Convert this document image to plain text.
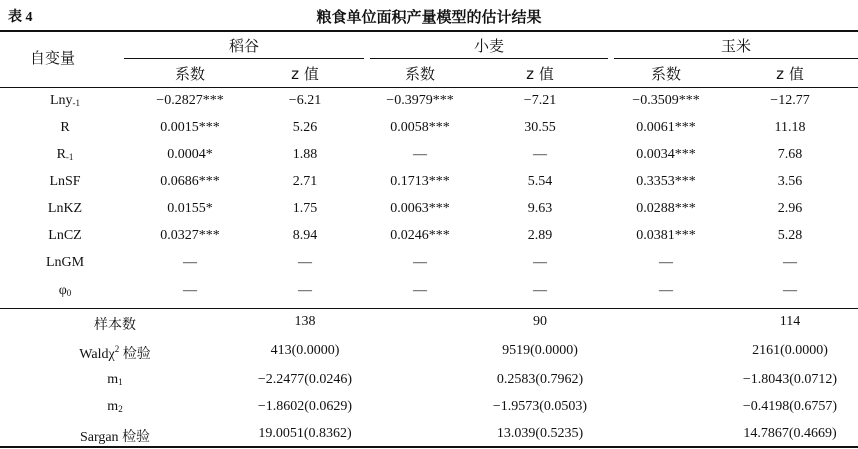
表 4	粮食单位面积产量模型的估计结果
自变量
稻谷	小麦	玉米
系数	z 值	系数	z 值	系数	z 值
Lny$_{-1}$	−0.2827***	−6.21	−0.3979***	−7.21	−0.3509***	−12.77
R	0.0015***	5.26	0.0058***	30.55	0.0061***	11.18
$R_{-1}$	0.0004*	1.88	—	—	0.0034***	7.68
LnSF	0.0686***	2.71	0.1713***	5.54	0.3353***	3.56
LnKZ	0.0155*	1.75	0.0063***	9.63	0.0288***	2.96
LnCZ	0.0327***	8.94	0.0246***	2.89	0.0381***	5.28
LnGM	—	—	—	—	—	—
$\varphi_0$	—	—	—	—	—	—
样本数	138	90	114
Waldχ$^2$ 检验	413(0.0000)	9519(0.0000)	2161(0.0000)
$m_1$	−2.2477(0.0246)	0.2583(0.7962)	−1.8043(0.0712)
$m_2$	−1.8602(0.0629)	−1.9573(0.0503)	−0.4198(0.6757)
Sargan 检验	19.0051(0.8362)	13.039(0.5235)	14.7867(0.4669)
